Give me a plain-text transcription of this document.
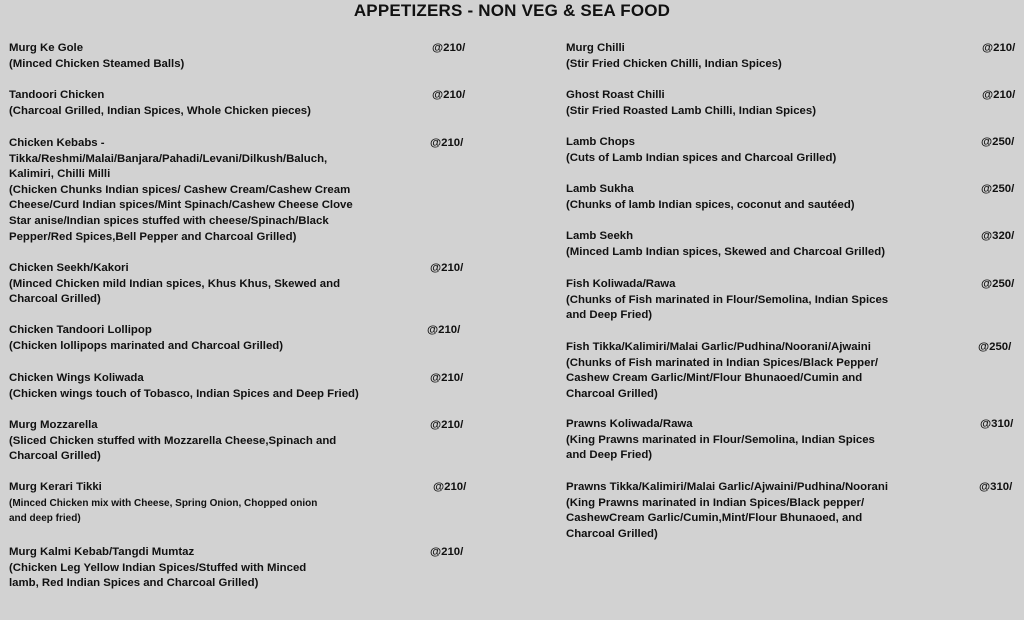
APPETIZERS - NON VEG & SEA FOOD
Murg Ke Gole
(Minced Chicken Steamed Balls)
@210/
Tandoori Chicken
(Charcoal Grilled, Indian Spices, Whole Chicken pieces)
@210/
Chicken Kebabs -
Tikka/Reshmi/Malai/Banjara/Pahadi/Levani/Dilkush/Baluch,
Kalimiri, Chilli Milli
(Chicken Chunks Indian spices/ Cashew Cream/Cashew Cream
Cheese/Curd Indian spices/Mint Spinach/Cashew Cheese Clove
Star anise/Indian spices stuffed with cheese/Spinach/Black
Pepper/Red Spices,Bell Pepper and Charcoal Grilled)
@210/
Chicken Seekh/Kakori
(Minced Chicken mild Indian spices, Khus Khus, Skewed and
Charcoal Grilled)
@210/
Chicken Tandoori Lollipop
(Chicken lollipops marinated and Charcoal Grilled)
@210/
Chicken Wings Koliwada
(Chicken wings touch of Tobasco, Indian Spices and Deep Fried)
@210/
Murg Mozzarella
(Sliced Chicken stuffed with Mozzarella Cheese,Spinach and
Charcoal Grilled)
@210/
Murg Kerari Tikki
(Minced Chicken mix with Cheese, Spring Onion, Chopped onion
and deep fried)
@210/
Murg Kalmi Kebab/Tangdi Mumtaz
(Chicken Leg Yellow Indian Spices/Stuffed with Minced
lamb, Red Indian Spices and Charcoal Grilled)
@210/
Murg Chilli
(Stir Fried Chicken Chilli, Indian Spices)
@210/
Ghost Roast Chilli
(Stir Fried Roasted Lamb Chilli, Indian Spices)
@210/
Lamb Chops
(Cuts of Lamb Indian spices and Charcoal Grilled)
@250/
Lamb Sukha
(Chunks of lamb Indian spices, coconut and sautéed)
@250/
Lamb Seekh
(Minced Lamb Indian spices, Skewed and Charcoal Grilled)
@320/
Fish Koliwada/Rawa
(Chunks of Fish marinated in Flour/Semolina, Indian Spices
and Deep Fried)
@250/
Fish Tikka/Kalimiri/Malai Garlic/Pudhina/Noorani/Ajwaini
(Chunks of Fish marinated in Indian Spices/Black Pepper/
Cashew Cream Garlic/Mint/Flour Bhunaoed/Cumin and
Charcoal Grilled)
@250/
Prawns Koliwada/Rawa
(King Prawns marinated in Flour/Semolina, Indian Spices
and Deep Fried)
@310/
Prawns Tikka/Kalimiri/Malai Garlic/Ajwaini/Pudhina/Noorani
(King Prawns marinated in Indian Spices/Black pepper/
CashewCream Garlic/Cumin,Mint/Flour Bhunaoed, and
Charcoal Grilled)
@310/
